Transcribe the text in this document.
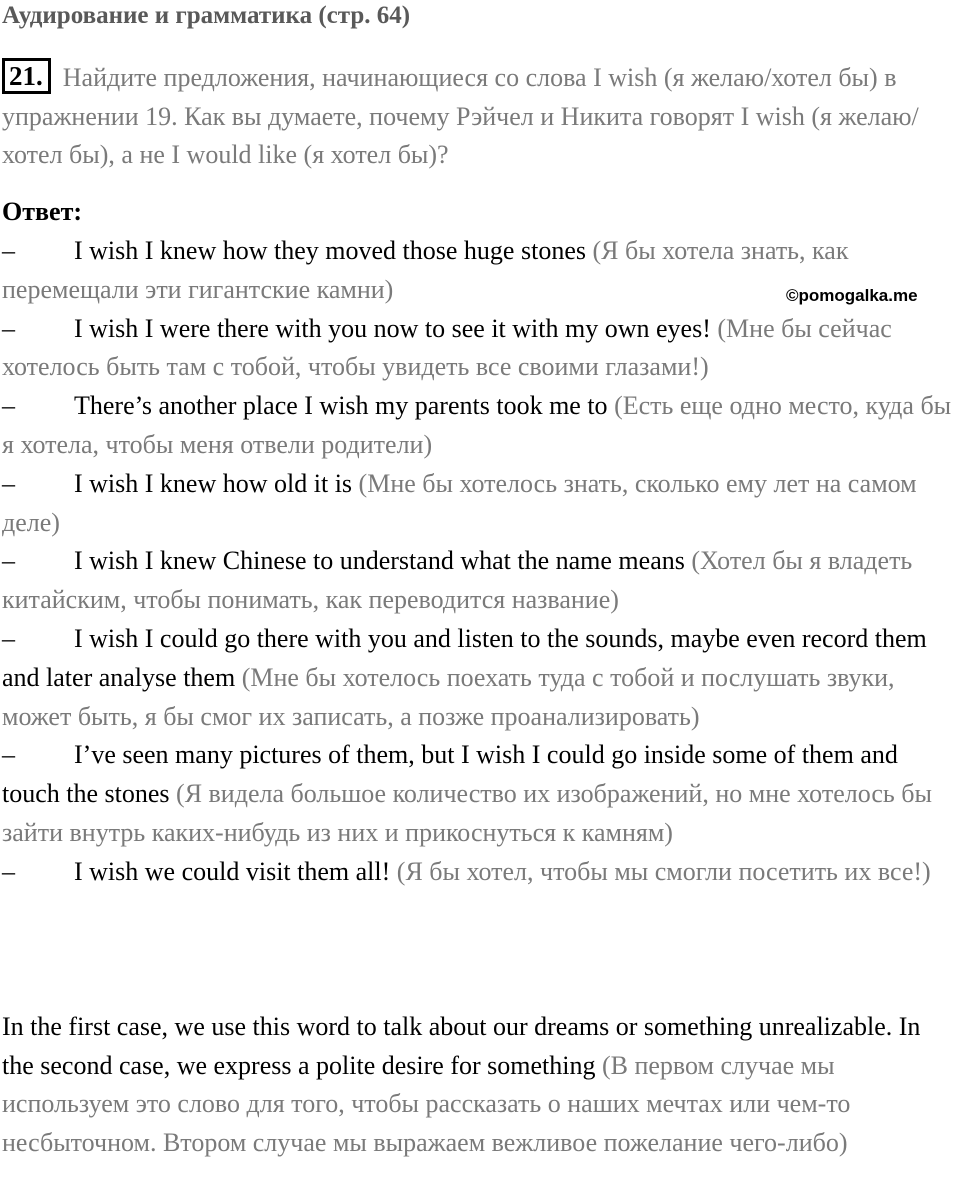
Аудирование и грамматика (стр. 64)
21. Найдите предложения, начинающиеся со слова I wish (я желаю/хотел бы) в упражнении 19. Как вы думаете, почему Рэйчел и Никита говорят I wish (я желаю/хотел бы), а не I would like (я хотел бы)?
Ответ:
©pomogalka.me

– I wish I knew how they moved those huge stones (Я бы хотела знать, как перемещали эти гигантские камни)

– I wish I were there with you now to see it with my own eyes! (Мне бы сейчас хотелось быть там с тобой, чтобы увидеть все своими глазами!)

– There’s another place I wish my parents took me to (Есть еще одно место, куда бы я хотела, чтобы меня отвели родители)

– I wish I knew how old it is (Мне бы хотелось знать, сколько ему лет на самом деле)

– I wish I knew Chinese to understand what the name means (Хотел бы я владеть китайским, чтобы понимать, как переводится название)

– I wish I could go there with you and listen to the sounds, maybe even record them and later analyse them (Мне бы хотелось поехать туда с тобой и послушать звуки, может быть, я бы смог их записать, а позже проанализировать)

– I’ve seen many pictures of them, but I wish I could go inside some of them and touch the stones (Я видела большое количество их изображений, но мне хотелось бы зайти внутрь каких-нибудь из них и прикоснуться к камням)

– I wish we could visit them all! (Я бы хотел, чтобы мы смогли посетить их все!)

In the first case, we use this word to talk about our dreams or something unrealizable. In the second case, we express a polite desire for something (В первом случае мы используем это слово для того, чтобы рассказать о наших мечтах или чем-то несбыточном. Втором случае мы выражаем вежливое пожелание чего-либо)
